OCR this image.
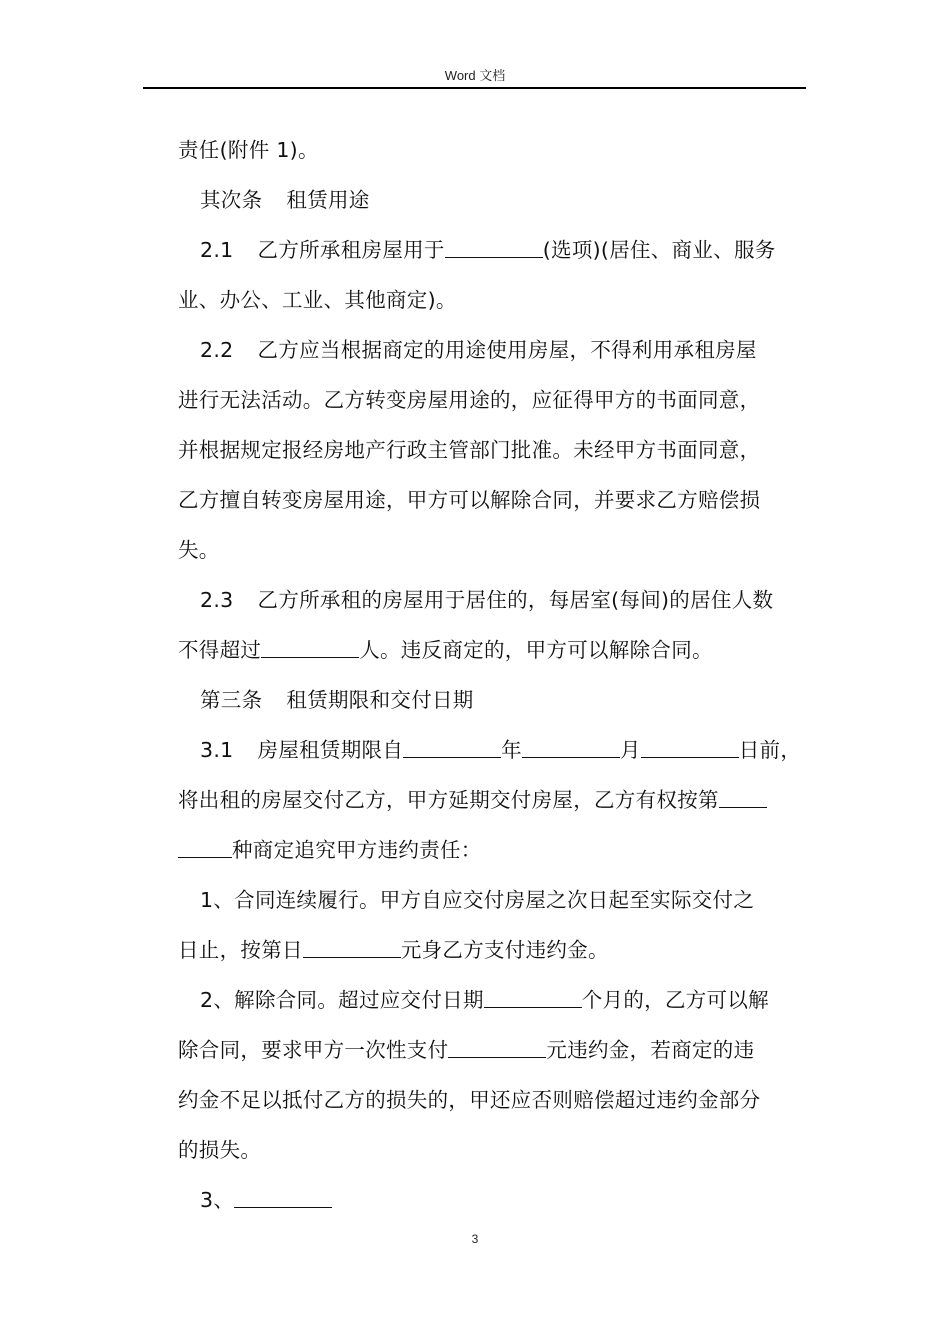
Word 文档
责任(附件 1)。
其次条 租赁用途
2.1 乙方所承租房屋用于	(选项)(居住、商业、服务
业、办公、工业、其他商定)。
2.2 乙方应当根据商定的用途使用房屋，不得利用承租房屋
进行无法活动。乙方转变房屋用途的，应征得甲方的书面同意，
并根据规定报经房地产行政主管部门批准。未经甲方书面同意，
乙方擅自转变房屋用途，甲方可以解除合同，并要求乙方赔偿损
失。
2.3 乙方所承租的房屋用于居住的，每居室(每间)的居住人数
不得超过	人。违反商定的，甲方可以解除合同。
第三条 租赁期限和交付日期
3.1 房屋租赁期限自	年	月	日前，
将出租的房屋交付乙方，甲方延期交付房屋，乙方有权按第
种商定追究甲方违约责任：
1、合同连续履行。甲方自应交付房屋之次日起至实际交付之
日止，按第日	元身乙方支付违约金。
2、解除合同。超过应交付日期	个月的，乙方可以解
除合同，要求甲方一次性支付	元违约金，若商定的违
约金不足以抵付乙方的损失的，甲还应否则赔偿超过违约金部分
的损失。
3、
3
